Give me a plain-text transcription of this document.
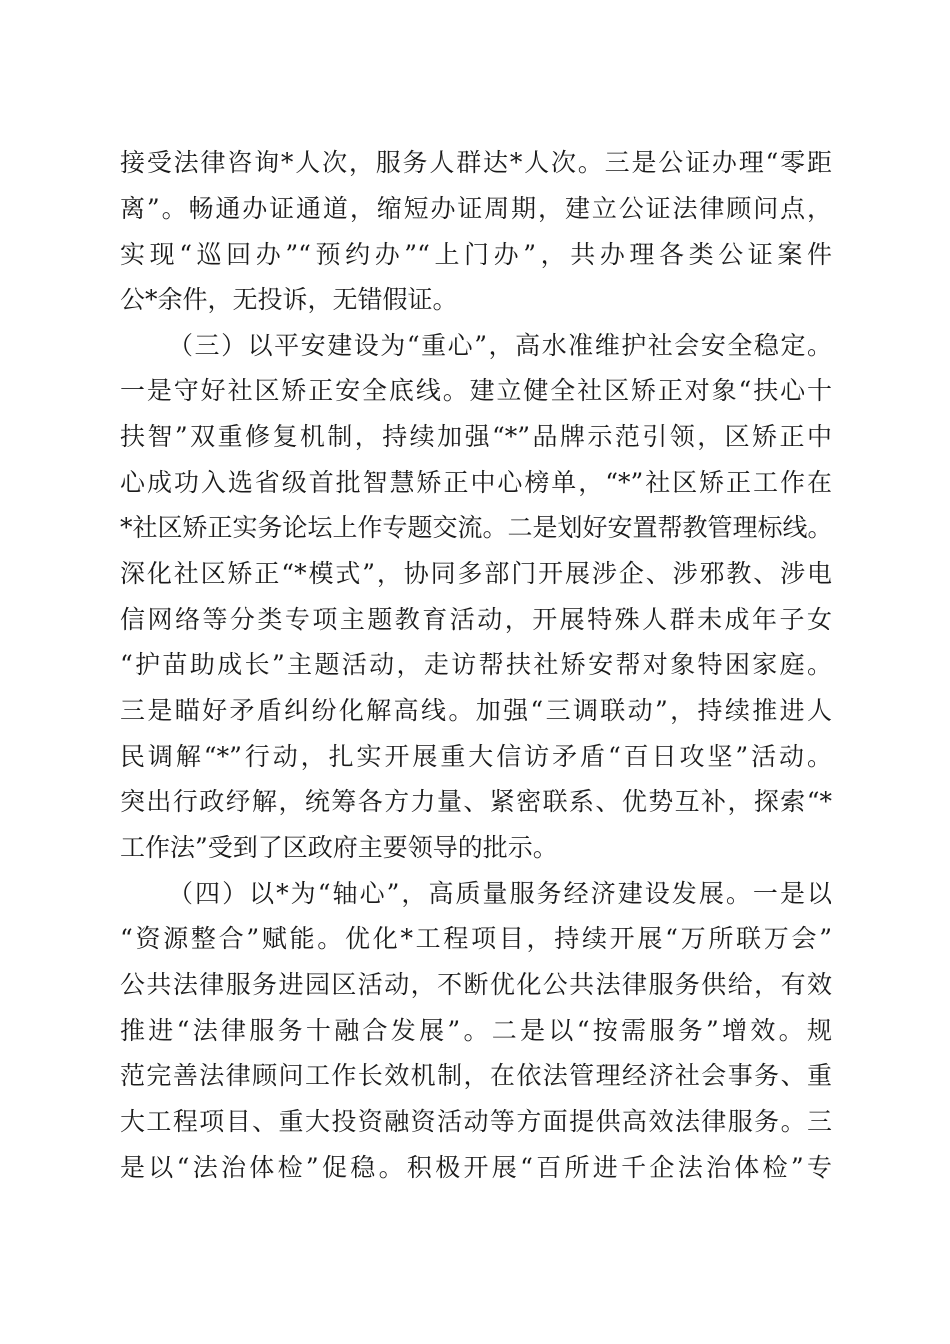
接受法律咨询*人次，服务人群达*人次。三是公证办理“零距
离”。畅通办证通道，缩短办证周期，建立公证法律顾问点，
实现“巡回办”“预约办”“上门办”，共办理各类公证案件
公*余件，无投诉，无错假证。
（三）以平安建设为“重心”，高水准维护社会安全稳定。
一是守好社区矫正安全底线。建立健全社区矫正对象“扶心十
扶智”双重修复机制，持续加强“*”品牌示范引领，区矫正中
心成功入选省级首批智慧矫正中心榜单，“*”社区矫正工作在
*社区矫正实务论坛上作专题交流。二是划好安置帮教管理标线。
深化社区矫正“*模式”，协同多部门开展涉企、涉邪教、涉电
信网络等分类专项主题教育活动，开展特殊人群未成年子女
“护苗助成长”主题活动，走访帮扶社矫安帮对象特困家庭。
三是瞄好矛盾纠纷化解高线。加强“三调联动”，持续推进人
民调解“*”行动，扎实开展重大信访矛盾“百日攻坚”活动。
突出行政纾解，统筹各方力量、紧密联系、优势互补，探索“*
工作法”受到了区政府主要领导的批示。
（四）以*为“轴心”，高质量服务经济建设发展。一是以
“资源整合”赋能。优化*工程项目，持续开展“万所联万会”
公共法律服务进园区活动，不断优化公共法律服务供给，有效
推进“法律服务十融合发展”。二是以“按需服务”增效。规
范完善法律顾问工作长效机制，在依法管理经济社会事务、重
大工程项目、重大投资融资活动等方面提供高效法律服务。三
是以“法治体检”促稳。积极开展“百所进千企法治体检”专
